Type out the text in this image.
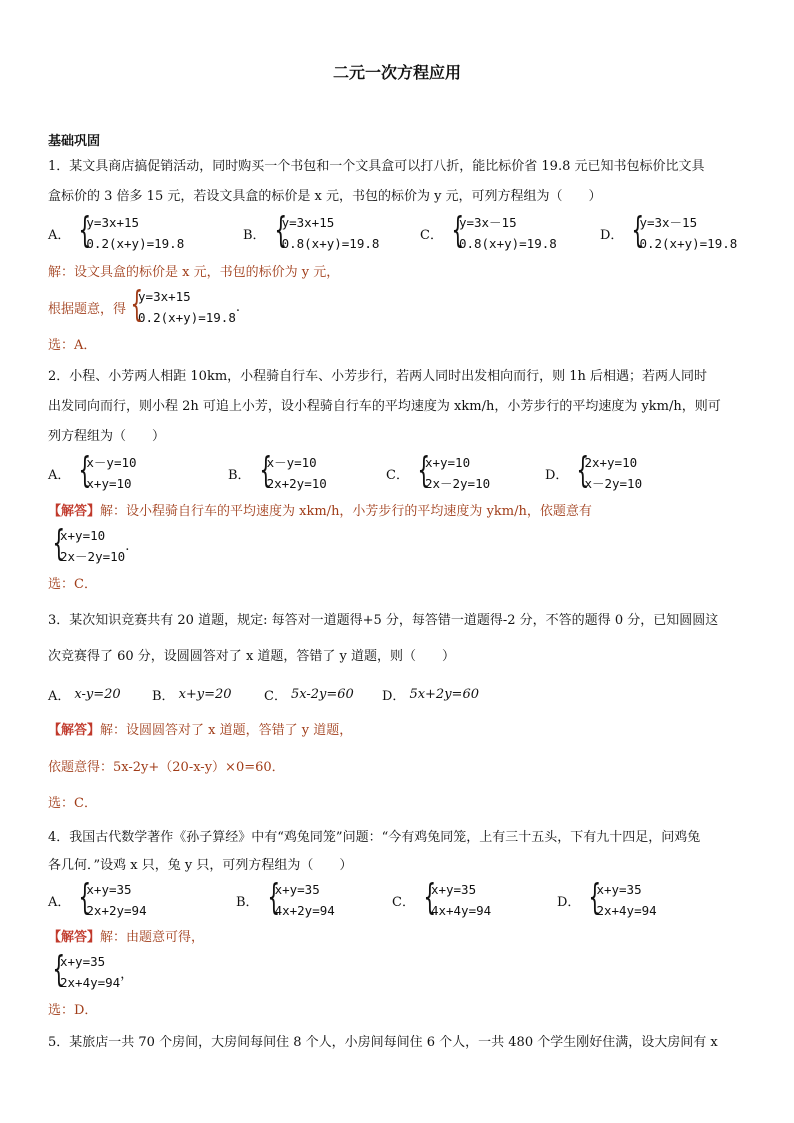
二元一次方程应用
基础巩固
1．某文具商店搞促销活动，同时购买一个书包和一个文具盒可以打八折，能比标价省 19.8 元已知书包标价比文具
盒标价的 3 倍多 15 元，若设文具盒的标价是 x 元，书包的标价为 y 元，可列方程组为（　　）
A． {
y=3x+15
0.2(x+y)=19.8
B． {
y=3x+15
0.8(x+y)=19.8
C． {
y=3x－15
0.8(x+y)=19.8
D． {
y=3x－15
0.2(x+y)=19.8
解：设文具盒的标价是 x 元，书包的标价为 y 元，
根据题意，得 {
y=3x+15
0.2(x+y)=19.8
.
选：A．
2．小程、小芳两人相距 10km，小程骑自行车、小芳步行，若两人同时出发相向而行，则 1h 后相遇；若两人同时
出发同向而行，则小程 2h 可追上小芳，设小程骑自行车的平均速度为 xkm/h，小芳步行的平均速度为 ykm/h，则可
列方程组为（　　）
A． {
x－y=10
x+y=10
B． {
x－y=10
2x+2y=10
C． {
x+y=10
2x－2y=10
D． {
2x+y=10
x－2y=10
【解答】解：设小程骑自行车的平均速度为 xkm/h，小芳步行的平均速度为 ykm/h，依题意有
{
x+y=10
2x－2y=10
.
选：C．
3．某次知识竞赛共有 20 道题，规定: 每答对一道题得+5 分，每答错一道题得-2 分，不答的题得 0 分，已知圆圆这
次竞赛得了 60 分，设圆圆答对了 x 道题，答错了 y 道题，则（　　）
A． x-y=20 B． x+y=20 C． 5x-2y=60 D． 5x+2y=60
【解答】解：设圆圆答对了 x 道题，答错了 y 道题，
依题意得：5x-2y+（20-x-y）×0=60．
选：C．
4．我国古代数学著作《孙子算经》中有“鸡兔同笼”问题：“今有鸡兔同笼，上有三十五头，下有九十四足，问鸡兔
各几何．”设鸡 x 只，兔 y 只，可列方程组为（　　）
A． {
x+y=35
2x+2y=94
B． {
x+y=35
4x+2y=94
C． {
x+y=35
4x+4y=94
D． {
x+y=35
2x+4y=94
【解答】解：由题意可得，
{
x+y=35
2x+4y=94
，
选：D．
5．某旅店一共 70 个房间，大房间每间住 8 个人，小房间每间住 6 个人，一共 480 个学生刚好住满，设大房间有 x
